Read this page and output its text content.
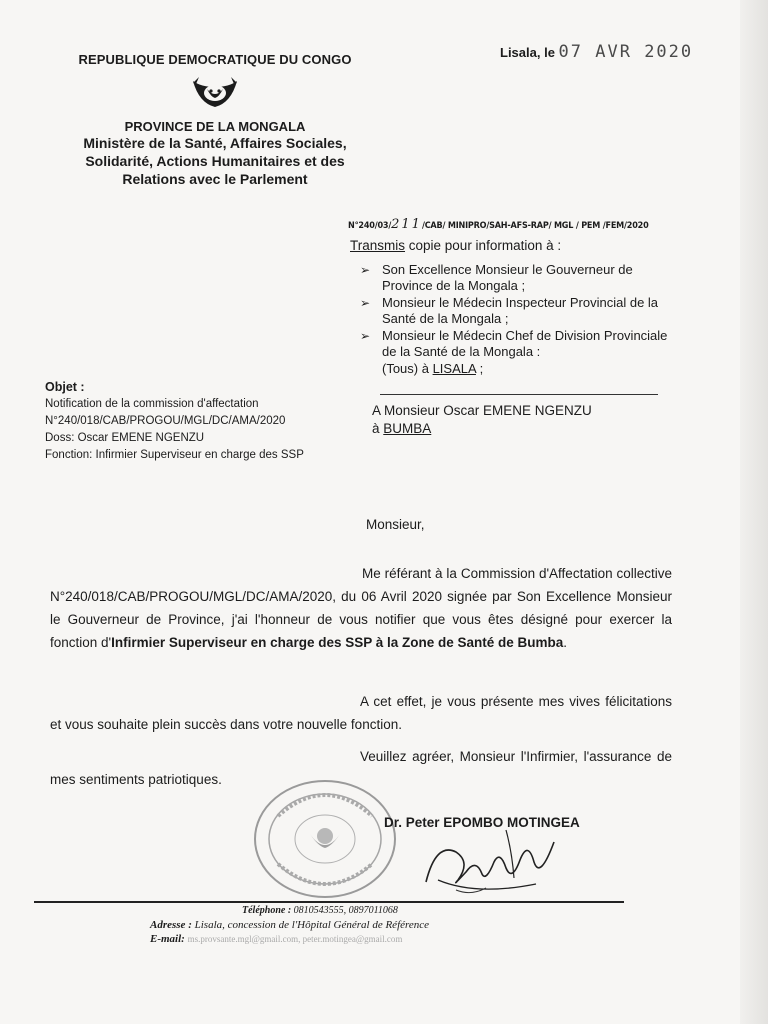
REPUBLIQUE DEMOCRATIQUE DU CONGO
PROVINCE DE LA MONGALA
Ministère de la Santé, Affaires Sociales,
Solidarité, Actions Humanitaires et des
Relations avec le Parlement
Lisala, le 07 AVR 2020
N°240/03/211/CAB/ MINIPRO/SAH-AFS-RAP/ MGL / PEM /FEM/2020
Transmis copie pour information à :
➢ Son Excellence Monsieur le Gouverneur de Province de la Mongala ;
➢ Monsieur le Médecin Inspecteur Provincial de la Santé de la Mongala ;
➢ Monsieur le Médecin Chef de Division Provinciale de la Santé de la Mongala :
(Tous) à LISALA ;
A Monsieur Oscar EMENE NGENZU
à BUMBA
Objet :
Notification de la commission d'affectation
N°240/018/CAB/PROGOU/MGL/DC/AMA/2020
Doss: Oscar EMENE NGENZU
Fonction: Infirmier Superviseur en charge des SSP
Monsieur,
Me référant à la Commission d'Affectation collective N°240/018/CAB/PROGOU/MGL/DC/AMA/2020, du 06 Avril 2020 signée par Son Excellence Monsieur le Gouverneur de Province, j'ai l'honneur de vous notifier que vous êtes désigné pour exercer la fonction d'Infirmier Superviseur en charge des SSP à la Zone de Santé de Bumba.
A cet effet, je vous présente mes vives félicitations et vous souhaite plein succès dans votre nouvelle fonction.
Veuillez agréer, Monsieur l'Infirmier, l'assurance de mes sentiments patriotiques.
Dr. Peter EPOMBO MOTINGEA
Téléphone : 0810543555, 0897011068
Adresse : Lisala, concession de l'Hôpital Général de Référence
E-mail: ms.provsante.mgl@gmail.com, peter.motingea@gmail.com
